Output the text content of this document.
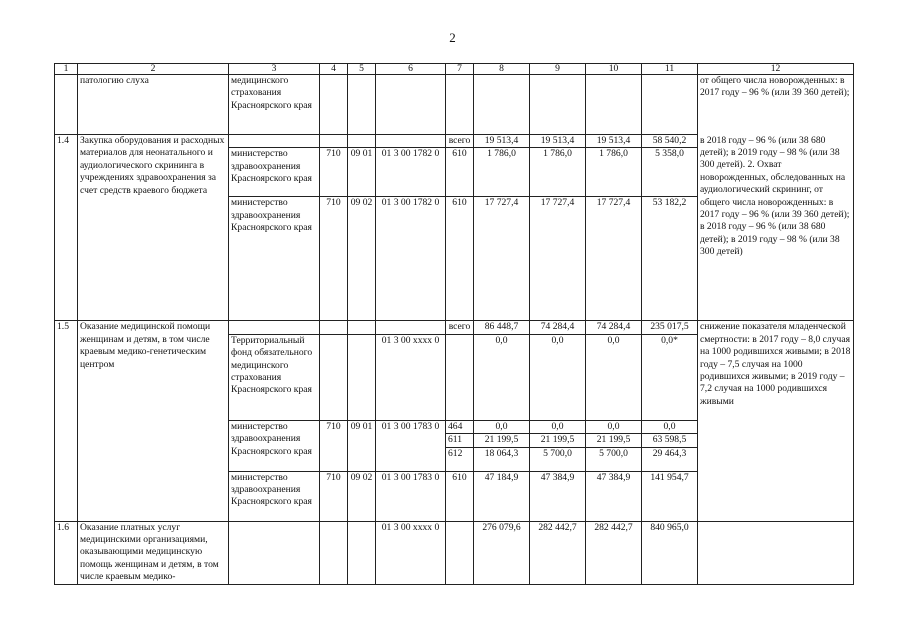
2
1	2	3	4	5	6	7	8	9	10	11	12
	патологию слуха	медицинского страхования Красноярского края									от общего числа новорожденных: в 2017 году – 96 % (или 39 360 детей);
1.4	Закупка оборудования и расходных материалов для неонатального и аудиологического скрининга в учреждениях здравоохранения за счет средств краевого бюджета					всего	19 513,4	19 513,4	19 513,4	58 540,2	в 2018 году – 96 % (или 38 680 детей); в 2019 году – 98 % (или 38 300 детей). 2. Охват новорожденных, обследованных на аудиологический скрининг, от общего числа новорожденных: в 2017 году – 96 % (или 39 360 детей); в 2018 году – 96 % (или 38 680 детей); в 2019 году – 98 % (или 38 300 детей)
		министерство здравоохранения Красноярского края	710	09 01	01 3 00 1782 0	610	1 786,0	1 786,0	1 786,0	5 358,0	
		министерство здравоохранения Красноярского края	710	09 02	01 3 00 1782 0	610	17 727,4	17 727,4	17 727,4	53 182,2	
1.5	Оказание медицинской помощи женщинам и детям, в том числе краевым медико-генетическим центром					всего	86 448,7	74 284,4	74 284,4	235 017,5	снижение показателя младенческой смертности: в 2017 году – 8,0 случая на 1000 родившихся живыми; в 2018 году – 7,5 случая на 1000 родившихся живыми; в 2019 году – 7,2 случая на 1000 родившихся живыми
		Территориальный фонд обязательного медицинского страхования Красноярского края			01 3 00 xxxx 0		0,0	0,0	0,0	0,0*	
		министерство здравоохранения Красноярского края	710	09 01	01 3 00 1783 0	464	0,0	0,0	0,0	0,0	
						611	21 199,5	21 199,5	21 199,5	63 598,5	
						612	18 064,3	5 700,0	5 700,0	29 464,3	
		министерство здравоохранения Красноярского края	710	09 02	01 3 00 1783 0	610	47 184,9	47 384,9	47 384,9	141 954,7	
1.6	Оказание платных услуг медицинскими организациями, оказывающими медицинскую помощь женщинам и детям, в том числе краевым медико-				01 3 00 xxxx 0		276 079,6	282 442,7	282 442,7	840 965,0	
